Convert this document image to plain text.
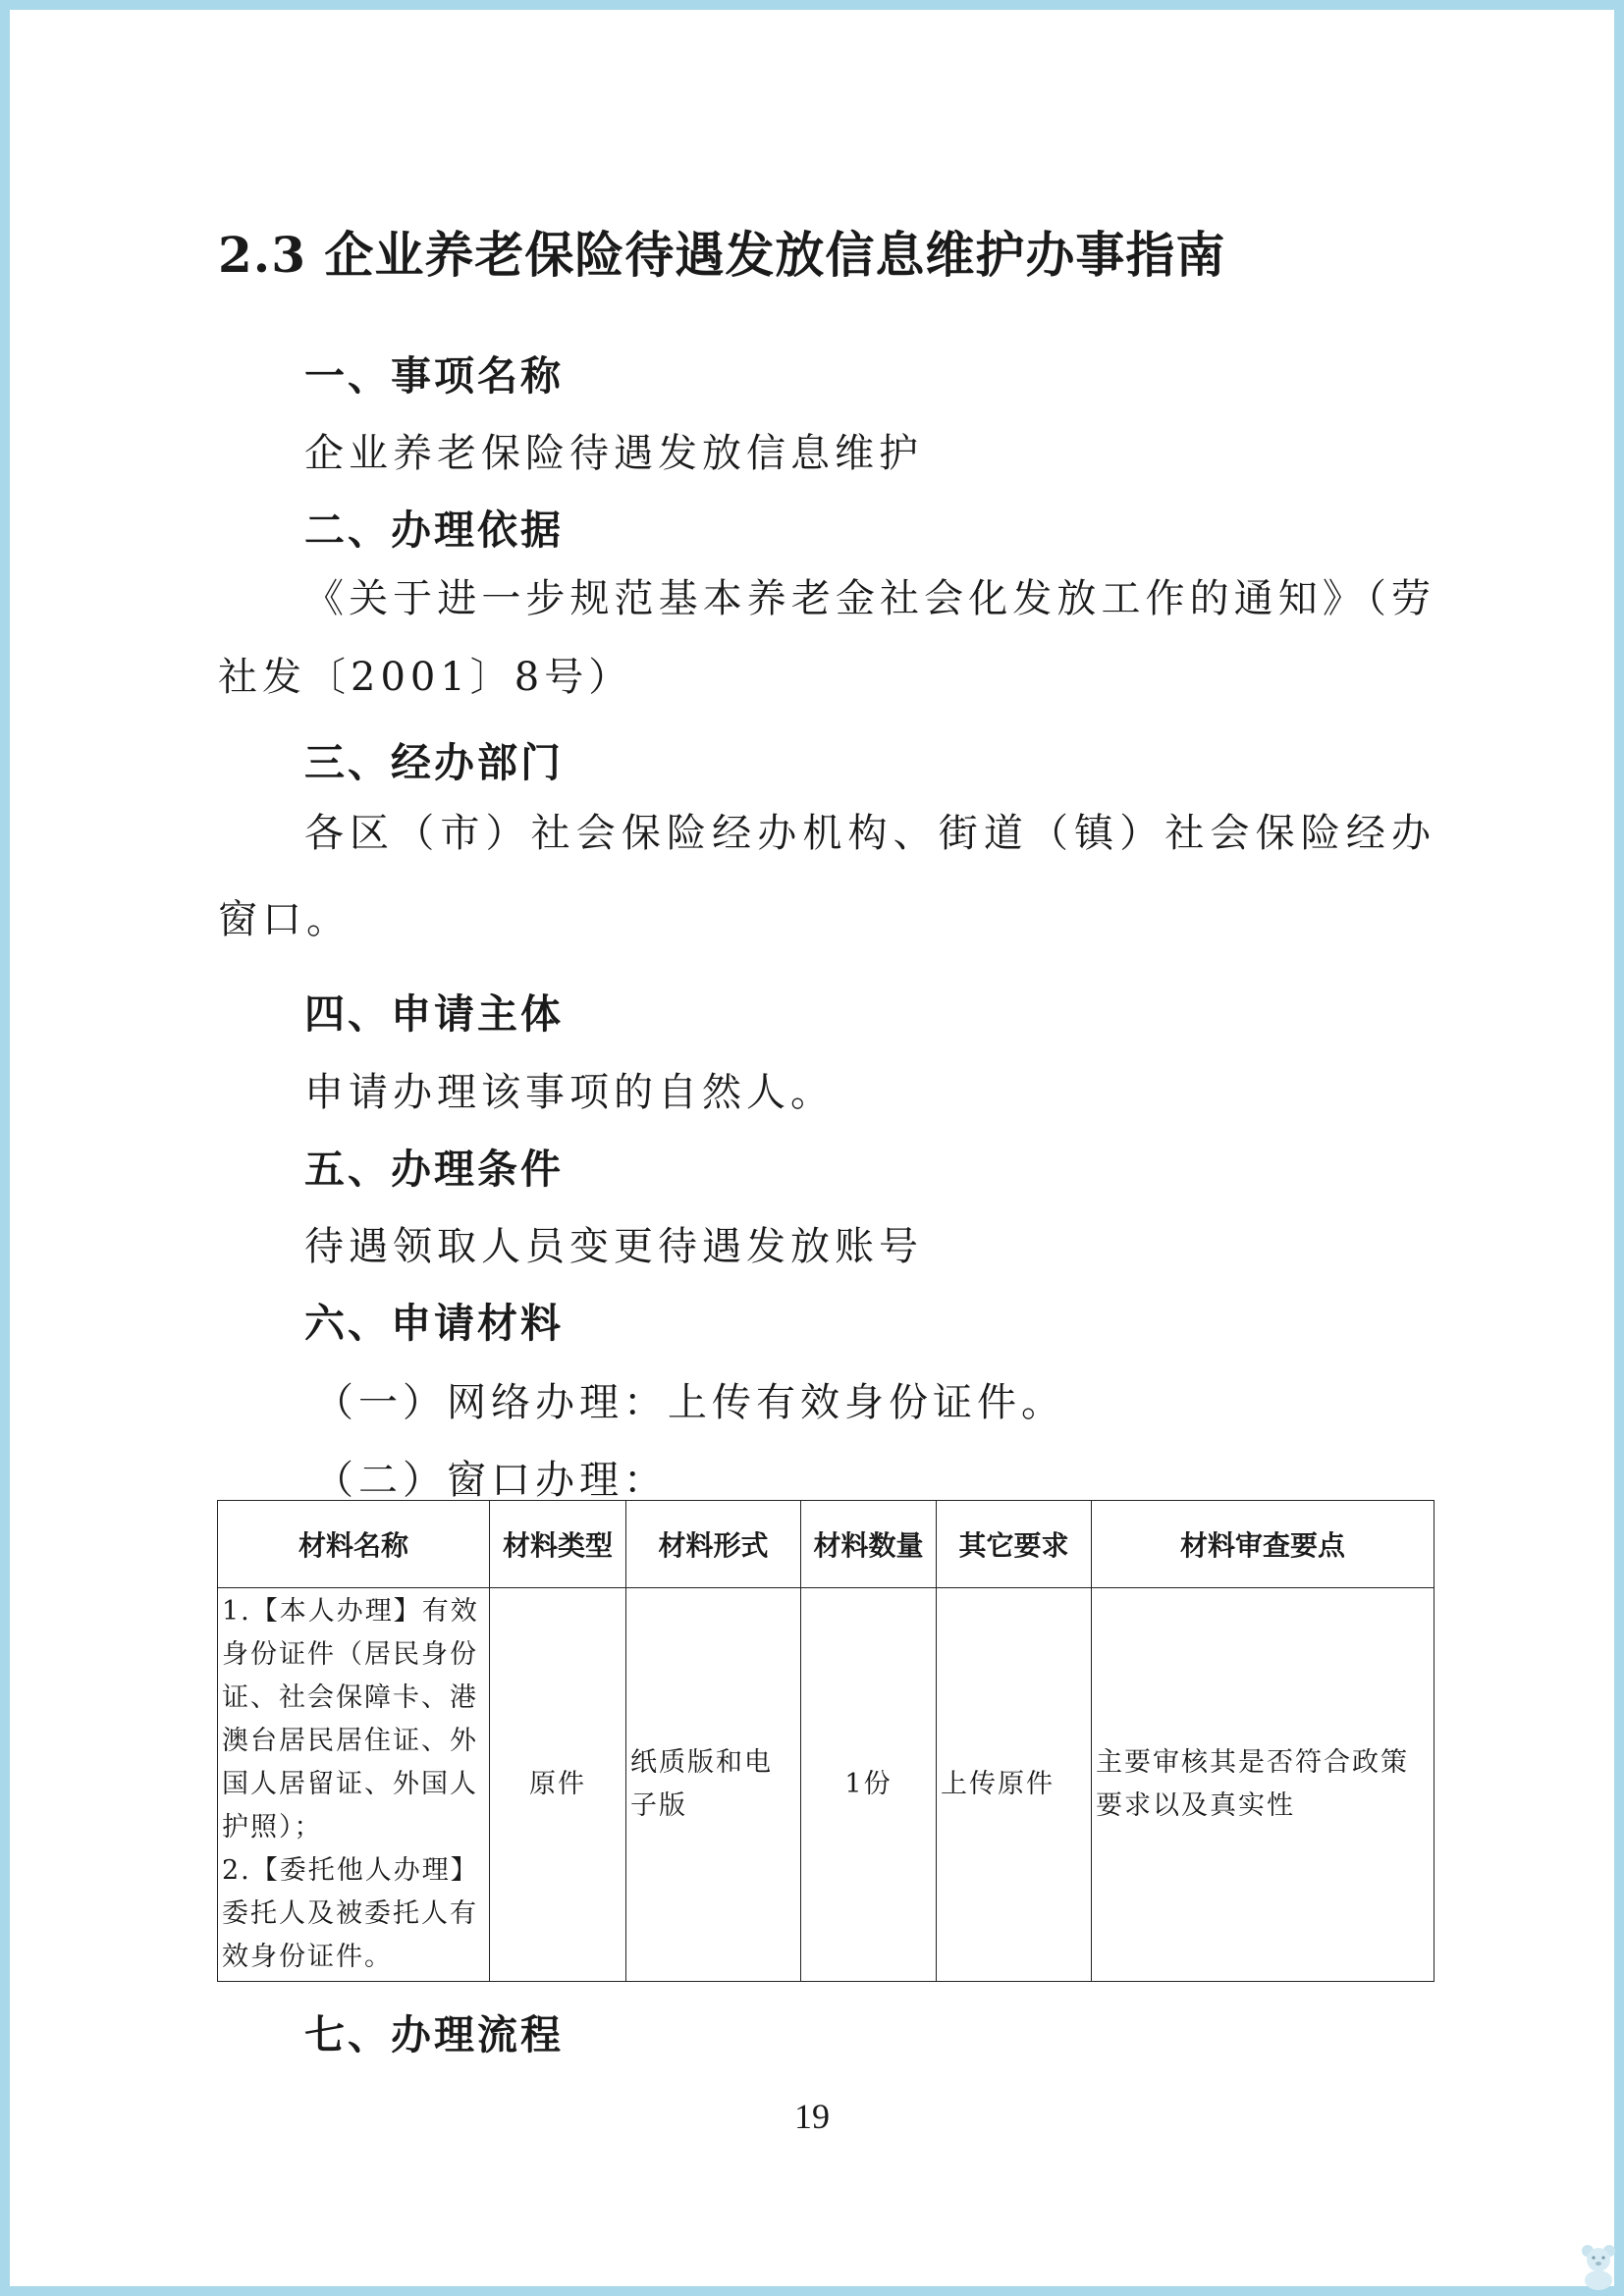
2.3 企业养老保险待遇发放信息维护办事指南
一、事项名称
企业养老保险待遇发放信息维护
二、办理依据
《关于进一步规范基本养老金社会化发放工作的通知》（劳社发〔2001〕8号）
三、经办部门
各区（市）社会保险经办机构、街道（镇）社会保险经办窗口。
四、申请主体
申请办理该事项的自然人。
五、办理条件
待遇领取人员变更待遇发放账号
六、申请材料
（一）网络办理：上传有效身份证件。
（二）窗口办理：
材料名称	材料类型	材料形式	材料数量	其它要求	材料审查要点
1.【本人办理】有效身份证件（居民身份证、社会保障卡、港澳台居民居住证、外国人居留证、外国人护照）；
2.【委托他人办理】委托人及被委托人有效身份证件。	原件	纸质版和电子版	1份	上传原件	主要审核其是否符合政策要求以及真实性
七、办理流程
19
